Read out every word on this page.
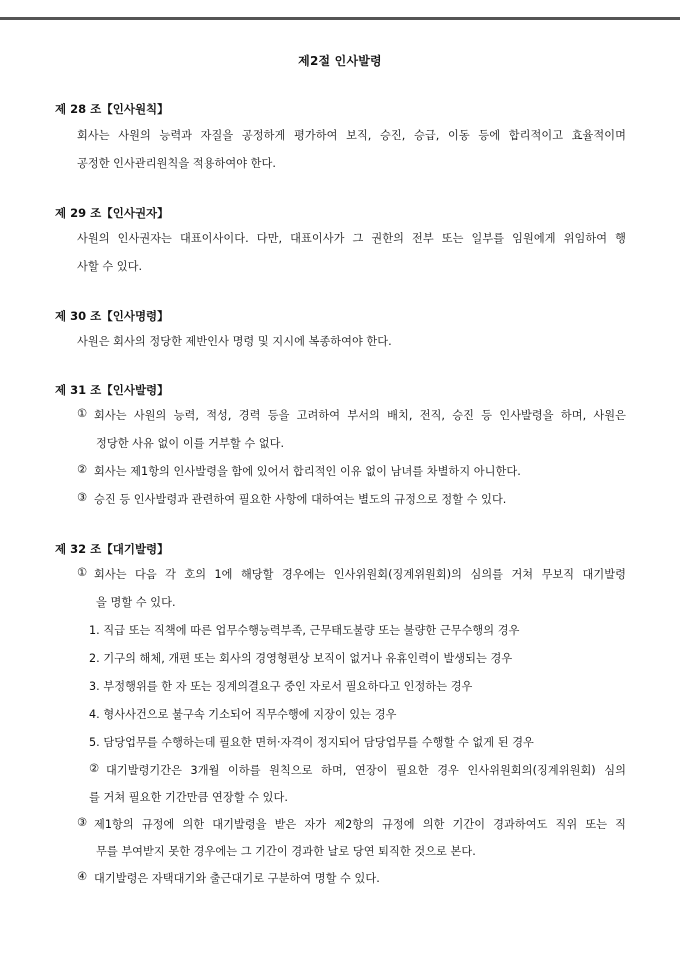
제2절 인사발령
제 28 조【인사원칙】
회사는 사원의 능력과 자질을 공정하게 평가하여 보직, 승진, 승급, 이동 등에 합리적이고 효율적이며
공정한 인사관리원칙을 적용하여야 한다.
제 29 조【인사권자】
사원의 인사권자는 대표이사이다. 다만, 대표이사가 그 권한의 전부 또는 일부를 임원에게 위임하여 행
사할 수 있다.
제 30 조【인사명령】
사원은 회사의 정당한 제반인사 명령 및 지시에 복종하여야 한다.
제 31 조【인사발령】
① 회사는 사원의 능력, 적성, 경력 등을 고려하여 부서의 배치, 전직, 승진 등 인사발령을 하며, 사원은
정당한 사유 없이 이를 거부할 수 없다.
② 회사는 제1항의 인사발령을 함에 있어서 합리적인 이유 없이 남녀를 차별하지 아니한다.
③ 승진 등 인사발령과 관련하여 필요한 사항에 대하여는 별도의 규정으로 정할 수 있다.
제 32 조【대기발령】
① 회사는 다음 각 호의 1에 해당할 경우에는 인사위원회(징계위원회)의 심의를 거쳐 무보직 대기발령
을 명할 수 있다.
1. 직급 또는 직책에 따른 업무수행능력부족, 근무태도불량 또는 불량한 근무수행의 경우
2. 기구의 해체, 개편 또는 회사의 경영형편상 보직이 없거나 유휴인력이 발생되는 경우
3. 부정행위를 한 자 또는 징계의결요구 중인 자로서 필요하다고 인정하는 경우
4. 형사사건으로 불구속 기소되어 직무수행에 지장이 있는 경우
5. 담당업무를 수행하는데 필요한 면허·자격이 정지되어 담당업무를 수행할 수 없게 된 경우
② 대기발령기간은 3개월 이하를 원칙으로 하며, 연장이 필요한 경우 인사위원회의(징계위원회) 심의
를 거쳐 필요한 기간만큼 연장할 수 있다.
③ 제1항의 규정에 의한 대기발령을 받은 자가 제2항의 규정에 의한 기간이 경과하여도 직위 또는 직
무를 부여받지 못한 경우에는 그 기간이 경과한 날로 당연 퇴직한 것으로 본다.
④ 대기발령은 자택대기와 출근대기로 구분하여 명할 수 있다.
